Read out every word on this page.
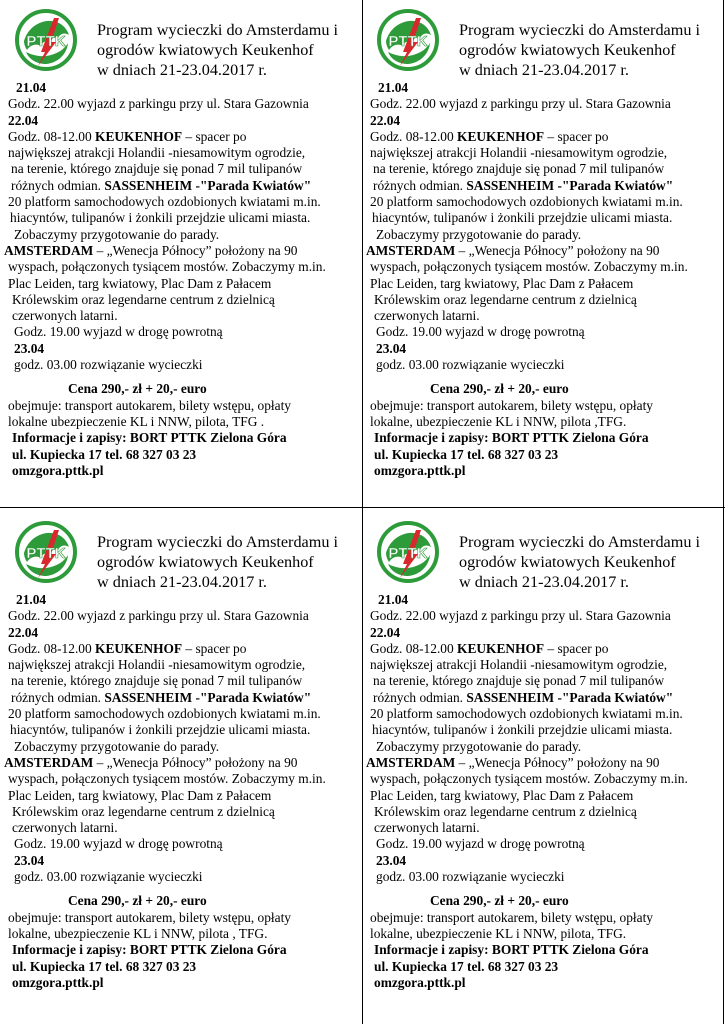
PTTK
Program wycieczki do Amsterdamu i
ogrodów kwiatowych Keukenhof
w dniach 21-23.04.2017 r.
21.04
Godz. 22.00 wyjazd z parkingu przy ul. Stara Gazownia
22.04
Godz. 08-12.00 KEUKENHOF – spacer po
największej atrakcji Holandii -niesamowitym ogrodzie,
na terenie, którego znajduje się ponad 7 mil tulipanów
różnych odmian. SASSENHEIM -"Parada Kwiatów"
20 platform samochodowych ozdobionych kwiatami m.in.
hiacyntów, tulipanów i żonkili przejdzie ulicami miasta.
Zobaczymy przygotowanie do parady.
AMSTERDAM – „Wenecja Północy” położony na 90
wyspach, połączonych tysiącem mostów. Zobaczymy m.in.
Plac Leiden, targ kwiatowy, Plac Dam z Pałacem
Królewskim oraz legendarne centrum z dzielnicą
czerwonych latarni.
Godz. 19.00 wyjazd w drogę powrotną
23.04
godz. 03.00 rozwiązanie wycieczki
Cena 290,- zł + 20,- euro
obejmuje: transport autokarem, bilety wstępu, opłaty
lokalne ubezpieczenie KL i NNW, pilota, TFG .
Informacje i zapisy: BORT PTTK Zielona Góra
ul. Kupiecka 17 tel. 68 327 03 23
omzgora.pttk.pl
PTTK
Program wycieczki do Amsterdamu i
ogrodów kwiatowych Keukenhof
w dniach 21-23.04.2017 r.
21.04
Godz. 22.00 wyjazd z parkingu przy ul. Stara Gazownia
22.04
Godz. 08-12.00 KEUKENHOF – spacer po
największej atrakcji Holandii -niesamowitym ogrodzie,
na terenie, którego znajduje się ponad 7 mil tulipanów
różnych odmian. SASSENHEIM -"Parada Kwiatów"
20 platform samochodowych ozdobionych kwiatami m.in.
hiacyntów, tulipanów i żonkili przejdzie ulicami miasta.
Zobaczymy przygotowanie do parady.
AMSTERDAM – „Wenecja Północy” położony na 90
wyspach, połączonych tysiącem mostów. Zobaczymy m.in.
Plac Leiden, targ kwiatowy, Plac Dam z Pałacem
Królewskim oraz legendarne centrum z dzielnicą
czerwonych latarni.
Godz. 19.00 wyjazd w drogę powrotną
23.04
godz. 03.00 rozwiązanie wycieczki
Cena 290,- zł + 20,- euro
obejmuje: transport autokarem, bilety wstępu, opłaty
lokalne, ubezpieczenie KL i NNW, pilota ,TFG.
Informacje i zapisy: BORT PTTK Zielona Góra
ul. Kupiecka 17 tel. 68 327 03 23
omzgora.pttk.pl
PTTK
Program wycieczki do Amsterdamu i
ogrodów kwiatowych Keukenhof
w dniach 21-23.04.2017 r.
21.04
Godz. 22.00 wyjazd z parkingu przy ul. Stara Gazownia
22.04
Godz. 08-12.00 KEUKENHOF – spacer po
największej atrakcji Holandii -niesamowitym ogrodzie,
na terenie, którego znajduje się ponad 7 mil tulipanów
różnych odmian. SASSENHEIM -"Parada Kwiatów"
20 platform samochodowych ozdobionych kwiatami m.in.
hiacyntów, tulipanów i żonkili przejdzie ulicami miasta.
Zobaczymy przygotowanie do parady.
AMSTERDAM – „Wenecja Północy” położony na 90
wyspach, połączonych tysiącem mostów. Zobaczymy m.in.
Plac Leiden, targ kwiatowy, Plac Dam z Pałacem
Królewskim oraz legendarne centrum z dzielnicą
czerwonych latarni.
Godz. 19.00 wyjazd w drogę powrotną
23.04
godz. 03.00 rozwiązanie wycieczki
Cena 290,- zł + 20,- euro
obejmuje: transport autokarem, bilety wstępu, opłaty
lokalne, ubezpieczenie KL i NNW, pilota , TFG.
Informacje i zapisy: BORT PTTK Zielona Góra
ul. Kupiecka 17 tel. 68 327 03 23
omzgora.pttk.pl
PTTK
Program wycieczki do Amsterdamu i
ogrodów kwiatowych Keukenhof
w dniach 21-23.04.2017 r.
21.04
Godz. 22.00 wyjazd z parkingu przy ul. Stara Gazownia
22.04
Godz. 08-12.00 KEUKENHOF – spacer po
największej atrakcji Holandii -niesamowitym ogrodzie,
na terenie, którego znajduje się ponad 7 mil tulipanów
różnych odmian. SASSENHEIM -"Parada Kwiatów"
20 platform samochodowych ozdobionych kwiatami m.in.
hiacyntów, tulipanów i żonkili przejdzie ulicami miasta.
Zobaczymy przygotowanie do parady.
AMSTERDAM – „Wenecja Północy” położony na 90
wyspach, połączonych tysiącem mostów. Zobaczymy m.in.
Plac Leiden, targ kwiatowy, Plac Dam z Pałacem
Królewskim oraz legendarne centrum z dzielnicą
czerwonych latarni.
Godz. 19.00 wyjazd w drogę powrotną
23.04
godz. 03.00 rozwiązanie wycieczki
Cena 290,- zł + 20,- euro
obejmuje: transport autokarem, bilety wstępu, opłaty
lokalne, ubezpieczenie KL i NNW, pilota, TFG.
Informacje i zapisy: BORT PTTK Zielona Góra
ul. Kupiecka 17 tel. 68 327 03 23
omzgora.pttk.pl
